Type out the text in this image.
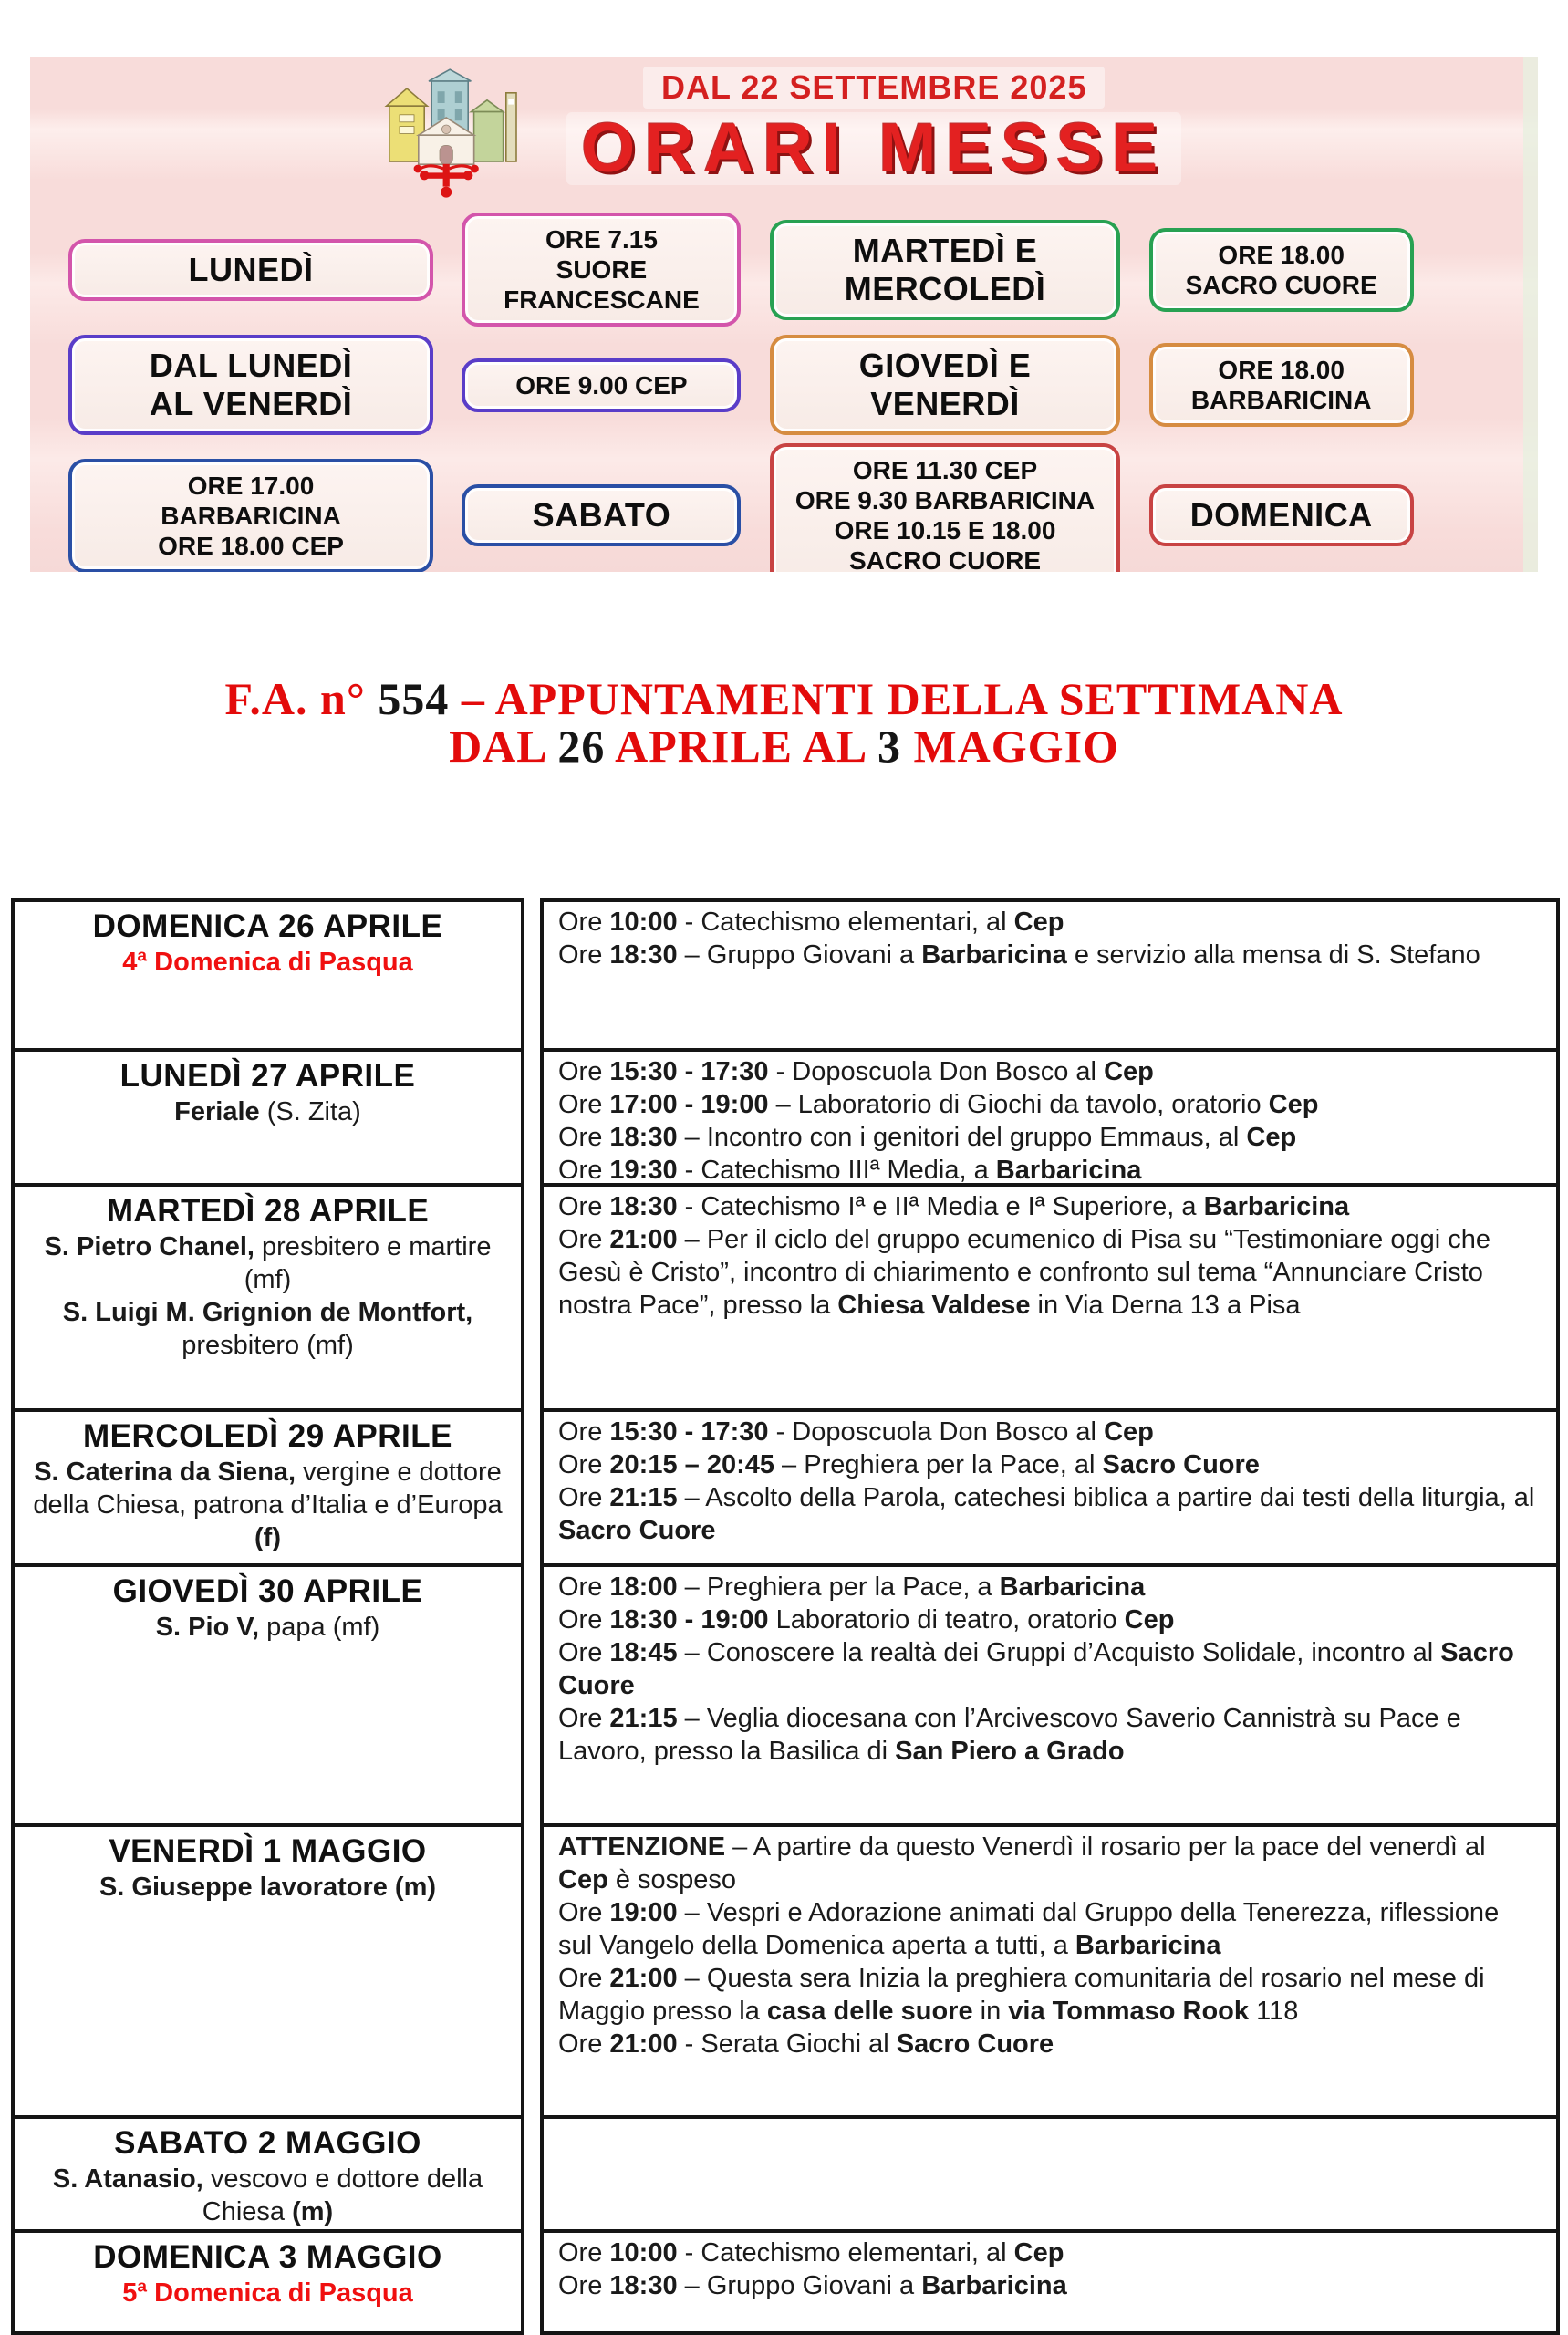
DAL 22 SETTEMBRE 2025
ORARI MESSE
LUNEDÌ
ORE 7.15
SUORE
FRANCESCANE
MARTEDÌ E
MERCOLEDÌ
ORE 18.00
SACRO CUORE
DAL LUNEDÌ
AL VENERDÌ	ORE 9.00 CEP
GIOVEDÌ E
VENERDÌ
ORE 18.00
BARBARICINA
ORE 17.00
BARBARICINA
ORE 18.00 CEP
SABATO
ORE 11.30 CEP
ORE 9.30 BARBARICINA
ORE 10.15 E 18.00
SACRO CUORE
DOMENICA
F.A. n° 554 – APPUNTAMENTI DELLA SETTIMANA
DAL 26 APRILE AL 3 MAGGIO
DOMENICA 26 APRILE
4ª Domenica di Pasqua
LUNEDÌ 27 APRILE
Feriale (S. Zita)
MARTEDÌ 28 APRILE
S. Pietro Chanel, presbitero e martire (mf)
S. Luigi M. Grignion de Montfort, presbitero (mf)
MERCOLEDÌ 29 APRILE
S. Caterina da Siena, vergine e dottore della Chiesa, patrona d’Italia e d’Europa (f)
GIOVEDÌ 30 APRILE
S. Pio V, papa (mf)
VENERDÌ 1 MAGGIO
S. Giuseppe lavoratore (m)
SABATO 2 MAGGIO
S. Atanasio, vescovo e dottore della Chiesa (m)
DOMENICA 3 MAGGIO
5ª Domenica di Pasqua
Ore 10:00 - Catechismo elementari, al Cep
Ore 18:30 – Gruppo Giovani a Barbaricina e servizio alla mensa di S. Stefano
Ore 15:30 - 17:30 - Doposcuola Don Bosco al Cep
Ore 17:00 - 19:00 – Laboratorio di Giochi da tavolo, oratorio Cep
Ore 18:30 – Incontro con i genitori del gruppo Emmaus, al Cep
Ore 19:30 - Catechismo IIIª Media, a Barbaricina
Ore 18:30 - Catechismo Iª e IIª Media e Iª Superiore, a Barbaricina
Ore 21:00 – Per il ciclo del gruppo ecumenico di Pisa su “Testimoniare oggi che Gesù è Cristo”, incontro di chiarimento e confronto sul tema “Annunciare Cristo nostra Pace”, presso la Chiesa Valdese in Via Derna 13 a Pisa
Ore 15:30 - 17:30 - Doposcuola Don Bosco al Cep
Ore 20:15 – 20:45 – Preghiera per la Pace, al Sacro Cuore
Ore 21:15 – Ascolto della Parola, catechesi biblica a partire dai testi della liturgia, al Sacro Cuore
Ore 18:00 – Preghiera per la Pace, a Barbaricina
Ore 18:30 - 19:00 Laboratorio di teatro, oratorio Cep
Ore 18:45 – Conoscere la realtà dei Gruppi d’Acquisto Solidale, incontro al Sacro Cuore
Ore 21:15 – Veglia diocesana con l’Arcivescovo Saverio Cannistrà su Pace e Lavoro, presso la Basilica di San Piero a Grado
ATTENZIONE – A partire da questo Venerdì il rosario per la pace del venerdì al Cep è sospeso
Ore 19:00 – Vespri e Adorazione animati dal Gruppo della Tenerezza, riflessione sul Vangelo della Domenica aperta a tutti, a Barbaricina
Ore 21:00 – Questa sera Inizia la preghiera comunitaria del rosario nel mese di Maggio presso la casa delle suore in via Tommaso Rook 118
Ore 21:00 - Serata Giochi al Sacro Cuore
Ore 10:00 - Catechismo elementari, al Cep
Ore 18:30 – Gruppo Giovani a Barbaricina
